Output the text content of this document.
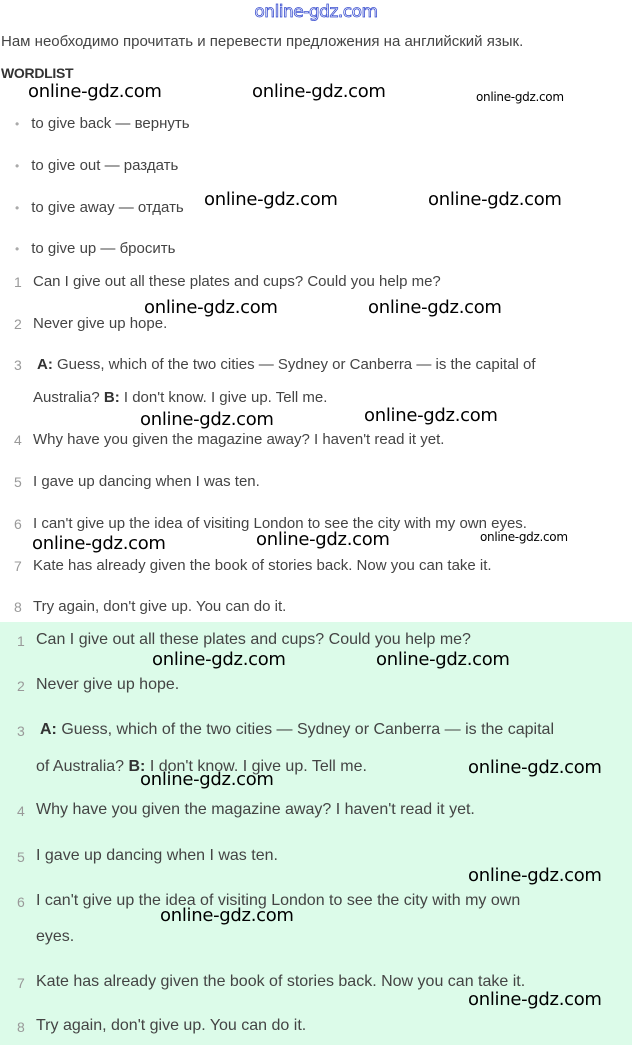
online-gdz.com
Нам необходимо прочитать и перевести предложения на английский язык.
WORDLIST
• to give back — вернуть
• to give out — раздать
• to give away — отдать
• to give up — бросить
1 Can I give out all these plates and cups? Could you help me?
2 Never give up hope.
3 A: Guess, which of the two cities — Sydney or Canberra — is the capital of
Australia? B: I don't know. I give up. Tell me.
4 Why have you given the magazine away? I haven't read it yet.
5 I gave up dancing when I was ten.
6 I can't give up the idea of visiting London to see the city with my own eyes.
7 Kate has already given the book of stories back. Now you can take it.
8 Try again, don't give up. You can do it.
1 Can I give out all these plates and cups? Could you help me?
2 Never give up hope.
3 A: Guess, which of the two cities — Sydney or Canberra — is the capital
of Australia? B: I don't know. I give up. Tell me.
4 Why have you given the magazine away? I haven't read it yet.
5 I gave up dancing when I was ten.
6 I can't give up the idea of visiting London to see the city with my own
eyes.
7 Kate has already given the book of stories back. Now you can take it.
8 Try again, don't give up. You can do it.
online-gdz.com	online-gdz.com	online-gdz.com
online-gdz.com	online-gdz.com
online-gdz.com	online-gdz.com
online-gdz.com	online-gdz.com
online-gdz.com	online-gdz.com	online-gdz.com
online-gdz.com	online-gdz.com
online-gdz.com
online-gdz.com
online-gdz.com
online-gdz.com
online-gdz.com
